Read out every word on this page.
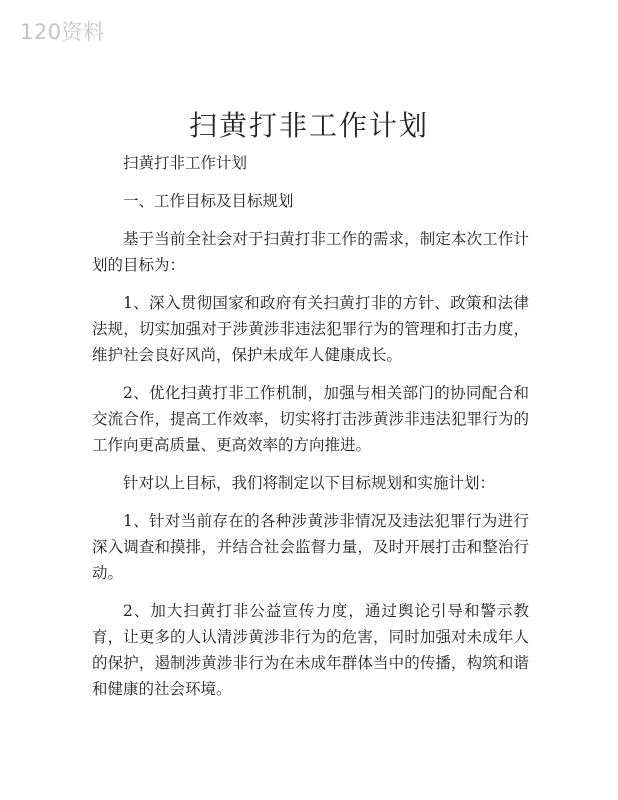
120资料
扫黄打非工作计划

扫黄打非工作计划

一、工作目标及目标规划

基于当前全社会对于扫黄打非工作的需求，制定本次工作计划的目标为：

1、深入贯彻国家和政府有关扫黄打非的方针、政策和法律法规，切实加强对于涉黄涉非违法犯罪行为的管理和打击力度，维护社会良好风尚，保护未成年人健康成长。

2、优化扫黄打非工作机制，加强与相关部门的协同配合和交流合作，提高工作效率，切实将打击涉黄涉非违法犯罪行为的工作向更高质量、更高效率的方向推进。

针对以上目标，我们将制定以下目标规划和实施计划：

1、针对当前存在的各种涉黄涉非情况及违法犯罪行为进行深入调查和摸排，并结合社会监督力量，及时开展打击和整治行动。

2、加大扫黄打非公益宣传力度，通过舆论引导和警示教育，让更多的人认清涉黄涉非行为的危害，同时加强对未成年人的保护，遏制涉黄涉非行为在未成年群体当中的传播，构筑和谐和健康的社会环境。
